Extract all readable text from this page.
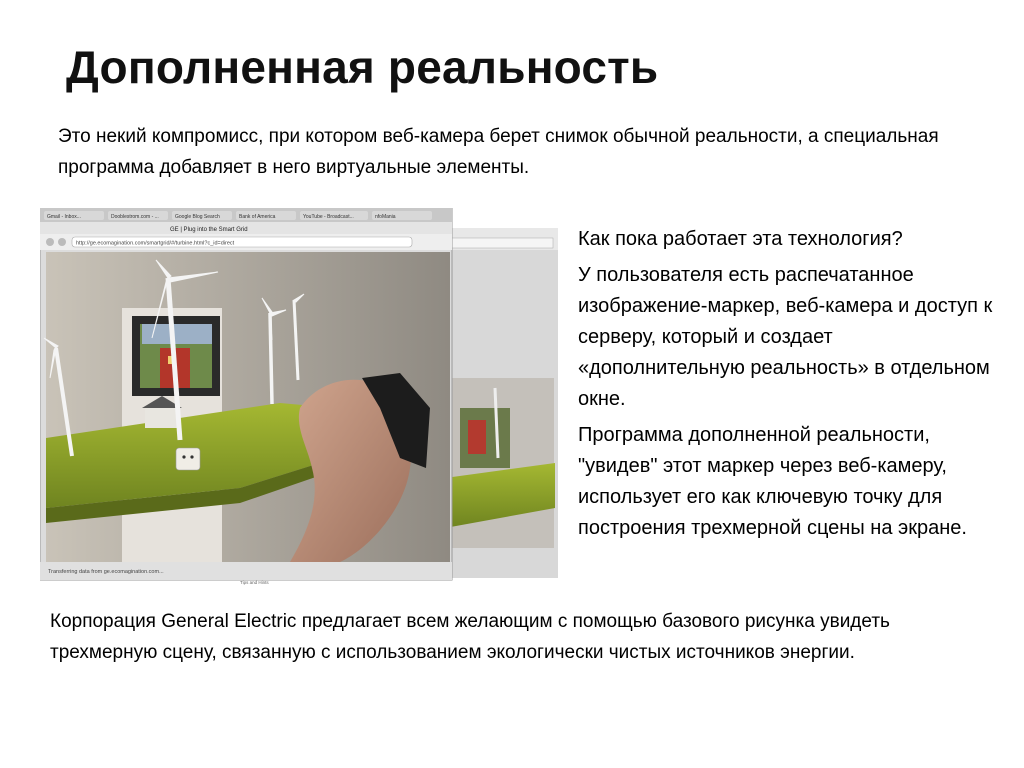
Дополненная реальность

Это некий компромисс, при котором веб-камера берет снимок обычной реальности, а специальная программа добавляет в него виртуальные элементы.

Gmail - Inbox...	Dooblestrom.com - ...	Google Blog Search	Bank of America	YouTube - Broadcast...	nfoMania
GE | Plug into the Smart Grid
http://ge.ecomagination.com/smartgrid/#/turbine.html?c_id=direct
Transferring data from ge.ecomagination.com...
Tips and Hints

Как пока работает эта технология?

У пользователя есть распечатанное изображение-маркер, веб-камера и доступ к серверу, который и создает «дополнительную реальность» в отдельном окне.

Программа дополненной реальности, "увидев" этот маркер через веб-камеру, использует его как ключевую точку для построения трехмерной сцены на экране.

Корпорация General Electric предлагает всем желающим с помощью базового рисунка увидеть трехмерную сцену, связанную с использованием экологически чистых источников энергии.
